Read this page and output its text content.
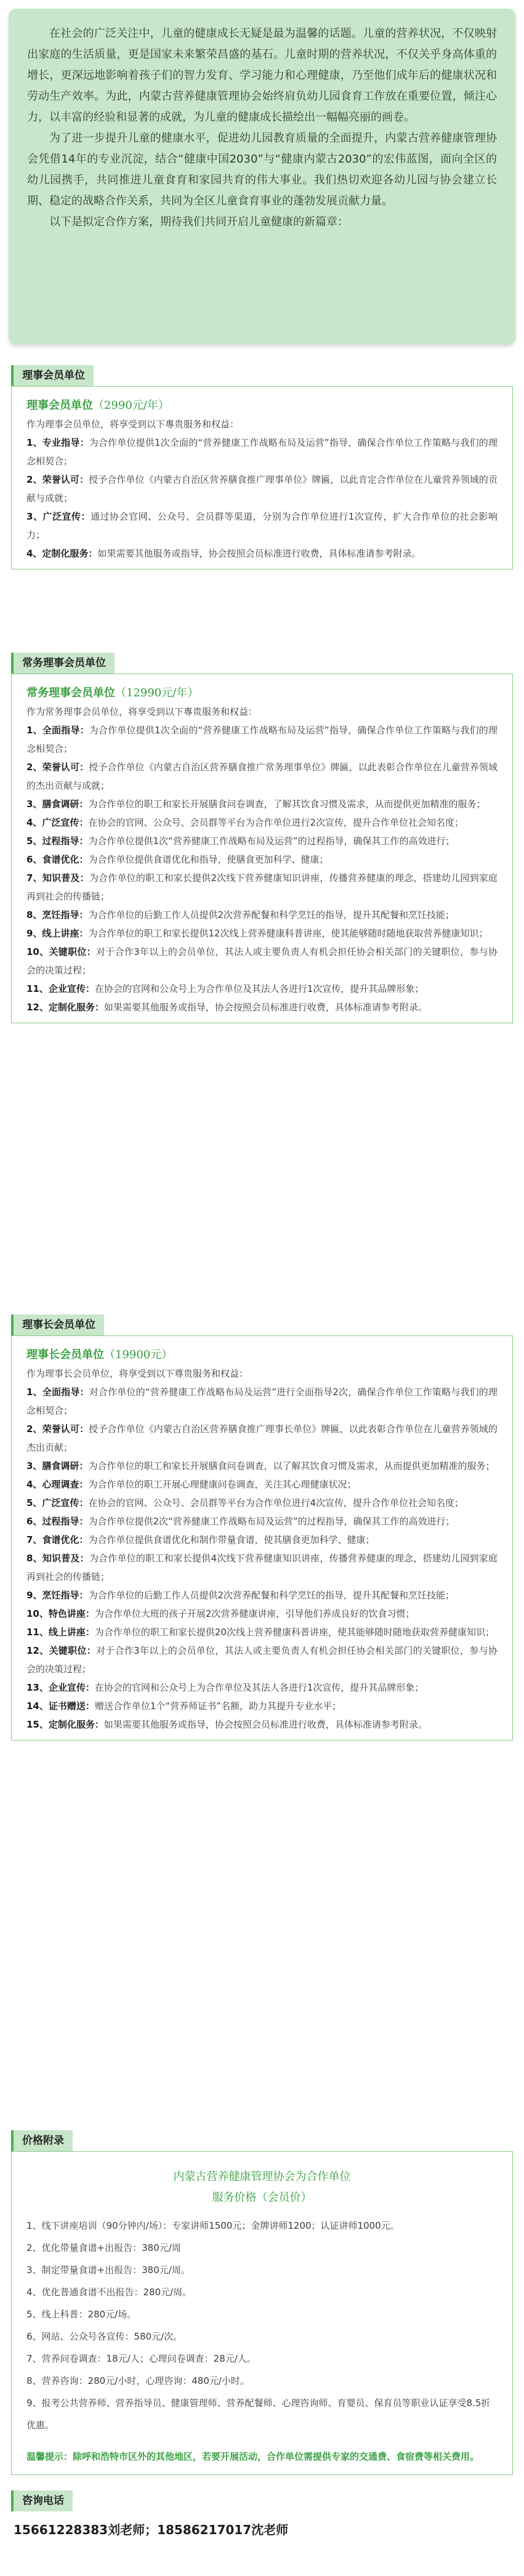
在社会的广泛关注中，儿童的健康成长无疑是最为温馨的话题。儿童的营养状况，不仅映射出家庭的生活质量，更是国家未来繁荣昌盛的基石。儿童时期的营养状况，不仅关乎身高体重的增长，更深远地影响着孩子们的智力发育、学习能力和心理健康，乃至他们成年后的健康状况和劳动生产效率。为此，内蒙古营养健康管理协会始终肩负幼儿园食育工作放在重要位置，倾注心力，以丰富的经验和显著的成就，为儿童的健康成长描绘出一幅幅亮丽的画卷。

为了进一步提升儿童的健康水平，促进幼儿园教育质量的全面提升，内蒙古营养健康管理协会凭借14年的专业沉淀，结合“健康中国2030”与“健康内蒙古2030”的宏伟蓝图，面向全区的幼儿园携手，共同推进儿童食育和家园共育的伟大事业。我们热切欢迎各幼儿园与协会建立长期、稳定的战略合作关系，共同为全区儿童食育事业的蓬勃发展贡献力量。

以下是拟定合作方案，期待我们共同开启儿童健康的新篇章：

理事会员单位
理事会员单位（2990元/年）

作为理事会员单位，将享受到以下專贵服务和权益：

1、专业指导：为合作单位提供1次全面的“营养健康工作战略布局及运营”指导，确保合作单位工作策略与我们的理念相契合；

2、荣誉认可：授予合作单位《内蒙古自治区营养膳食推广理事单位》牌匾，以此肯定合作单位在儿童营养领域的贡献与成就；

3、广泛宣传：通过协会官网、公众号、会员群等渠道，分别为合作单位进行1次宣传，扩大合作单位的社会影响力；

4、定制化服务：如果需要其他服务或指导，协会按照会员标准进行收费，具体标准请参考附录。

常务理事会员单位
常务理事会员单位（12990元/年）

作为常务理事会员单位，将享受到以下專贵服务和权益：

1、全面指导：为合作单位提供1次全面的“营养健康工作战略布局及运营”指导，确保合作单位工作策略与我们的理念相契合；

2、荣誉认可：授予合作单位《内蒙古自治区营养膳食推广常务理事单位》牌匾，以此表彰合作单位在儿童营养领域的杰出贡献与成就；

3、膳食调研：为合作单位的职工和家长开展膳食问卷调查，了解其饮食习惯及需求，从而提供更加精准的服务；

4、广泛宣传：在协会的官网、公众号、会员群等平台为合作单位进行2次宣传，提升合作单位社会知名度；

5、过程指导：为合作单位提供1次“营养健康工作战略布局及运营”的过程指导，确保其工作的高效进行；

6、食谱优化：为合作单位提供食谱优化和指导，使膳食更加科学、健康；

7、知识普及：为合作单位的职工和家长提供2次线下营养健康知识讲座，传播营养健康的理念，搭建幼儿园到家庭再到社会的传播链；

8、烹饪指导：为合作单位的后勤工作人员提供2次营养配餐和科学烹饪的指导，提升其配餐和烹饪技能；

9、线上讲座：为合作单位的职工和家长提供12次线上营养健康科普讲座，使其能够随时随地获取营养健康知识；

10、关键职位：对于合作3年以上的会员单位，其法人或主要负责人有机会担任协会相关部门的关键职位，参与协会的决策过程；

11、企业宣传：在协会的官网和公众号上为合作单位及其法人各进行1次宣传，提升其品牌形象；

12、定制化服务：如果需要其他服务或指导，协会按照会员标准进行收费，具体标准请参考附录。

理事长会员单位
理事长会员单位（19900元）

作为理事长会员单位，将享受到以下尊贵服务和权益：

1、全面指导：对合作单位的“营养健康工作战略布局及运营”进行全面指导2次，确保合作单位工作策略与我们的理念相契合；

2、荣誉认可：授予合作单位《内蒙古自治区营养膳食推广理事长单位》牌匾，以此表彰合作单位在儿童营养领域的杰出贡献；

3、膳食调研：为合作单位的职工和家长开展膳食问卷调查，以了解其饮食习惯及需求，从而提供更加精准的服务；

4、心理调查：为合作单位的职工开展心理健康问卷调查，关注其心理健康状况；

5、广泛宣传：在协会的官网、公众号、会员群等平台为合作单位进行4次宣传，提升合作单位社会知名度；

6、过程指导：为合作单位提供2次“营养健康工作战略布局及运营”的过程指导，确保其工作的高效进行；

7、食谱优化：为合作单位提供食谱优化和制作带量食谱，使其膳食更加科学、健康；

8、知识普及：为合作单位的职工和家长提供4次线下营养健康知识讲座，传播营养健康的理念，搭建幼儿园到家庭再到社会的传播链；

9、烹饪指导：为合作单位的后勤工作人员提供2次营养配餐和科学烹饪的指导，提升其配餐和烹饪技能；

10、特色讲座：为合作单位大班的孩子开展2次营养健康讲座，引导他们养成良好的饮食习惯；

11、线上讲座：为合作单位的职工和家长提供20次线上营养健康科普讲座，使其能够随时随地获取营养健康知识；

12、关键职位：对于合作3年以上的会员单位，其法人或主要负责人有机会担任协会相关部门的关键职位，参与协会的决策过程；

13、企业宣传：在协会的官网和公众号上为合作单位及其法人各进行1次宣传，提升其品牌形象；

14、证书赠送：赠送合作单位1个“营养师证书”名额，助力其提升专业水平；

15、定制化服务：如果需要其他服务或指导，协会按照会员标准进行收费，具体标准请参考附录。

价格附录
内蒙古营养健康管理协会为合作单位
服务价格（会员价）

1、线下讲座培训（90分钟内/场）：专家讲师1500元；金牌讲师1200；认证讲师1000元。

2、优化带量食谱+出报告：380元/周

3、制定带量食谱+出报告：380元/周。

4、优化普通食谱不出报告：280元/周。

5、线上科普：280元/场。

6、网站、公众号各宣传：580元/次。

7、营养问卷调查：18元/人；心理问卷调查：28元/人。

8、营养咨询：280元/小时，心理咨询：480元/小时。

9、报考公共营养师、营养指导员、健康管理师、营养配餐师、心理咨询师、育婴员、保育员等职业认证享受8.5折优惠。

温馨提示：除呼和浩特市区外的其他地区，若要开展活动，合作单位需提供专家的交通费、食宿费等相关费用。

咨询电话
15661228383刘老师；18586217017沈老师
